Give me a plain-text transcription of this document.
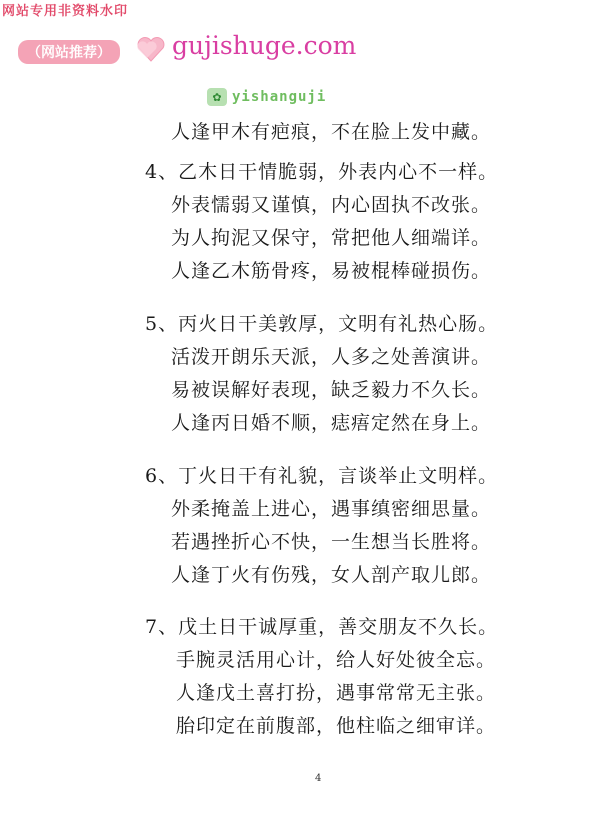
网站专用非资料水印
（网站推荐）	gujishuge.com
✿ yishanguji
人逢甲木有疤痕，不在脸上发中藏。
4、乙木日干情脆弱，外表内心不一样。
外表懦弱又谨慎，内心固执不改张。
为人拘泥又保守，常把他人细端详。
人逢乙木筋骨疼，易被棍棒碰损伤。
5、丙火日干美敦厚，文明有礼热心肠。
活泼开朗乐天派，人多之处善演讲。
易被误解好表现，缺乏毅力不久长。
人逢丙日婚不顺，痣痦定然在身上。
6、丁火日干有礼貌，言谈举止文明样。
外柔掩盖上进心，遇事缜密细思量。
若遇挫折心不快，一生想当长胜将。
人逢丁火有伤残，女人剖产取儿郎。
7、戊土日干诚厚重，善交朋友不久长。
手腕灵活用心计，给人好处彼全忘。
人逢戊土喜打扮，遇事常常无主张。
胎印定在前腹部，他柱临之细审详。
4
